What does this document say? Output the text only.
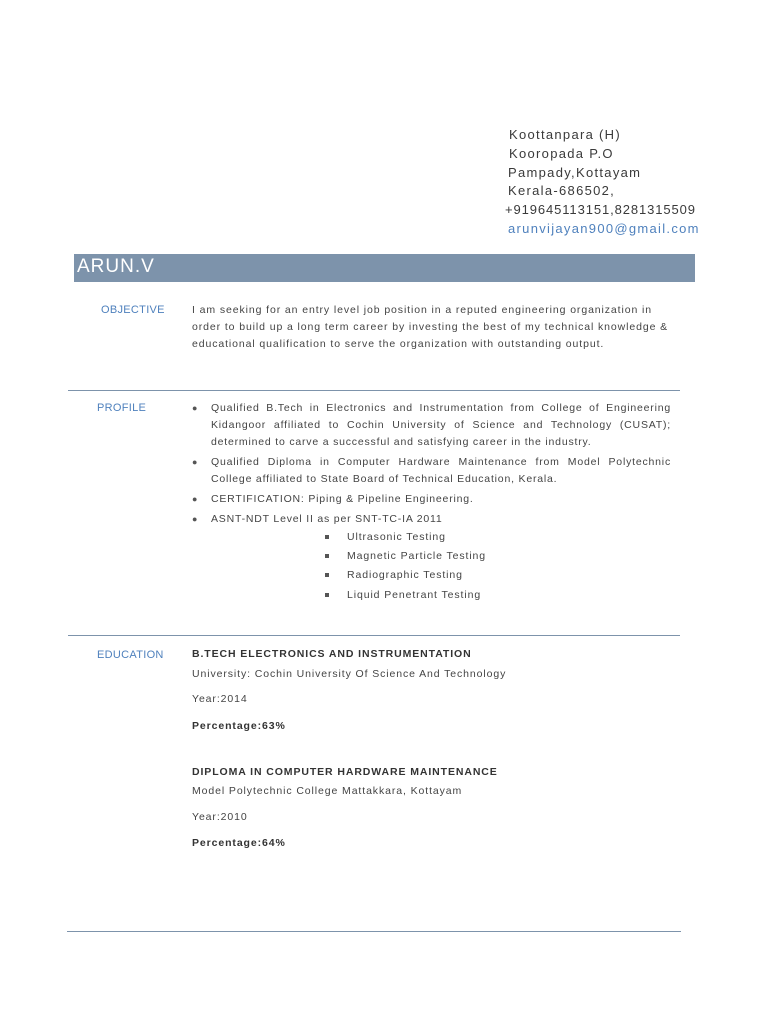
Koottanpara (H)
Kooropada P.O
Pampady,Kottayam
Kerala-686502,
+919645113151,8281315509
arunvijayan900@gmail.com
ARUN.V
OBJECTIVE	I am seeking for an entry level job position in a reputed engineering organization in order to build up a long term career by investing the best of my technical knowledge & educational qualification to serve the organization with outstanding output.
PROFILE	● Qualified B.Tech in Electronics and Instrumentation from College of Engineering Kidangoor affiliated to Cochin University of Science and Technology (CUSAT); determined to carve a successful and satisfying career in the industry.
● Qualified Diploma in Computer Hardware Maintenance from Model Polytechnic College affiliated to State Board of Technical Education, Kerala.
● CERTIFICATION: Piping & Pipeline Engineering.
● ASNT-NDT Level II as per SNT-TC-IA 2011
Ultrasonic Testing
Magnetic Particle Testing
Radiographic Testing
Liquid Penetrant Testing
EDUCATION	B.TECH ELECTRONICS AND INSTRUMENTATION
University: Cochin University Of Science And Technology
Year:2014
Percentage:63%
DIPLOMA IN COMPUTER HARDWARE MAINTENANCE
Model Polytechnic College Mattakkara, Kottayam
Year:2010
Percentage:64%
